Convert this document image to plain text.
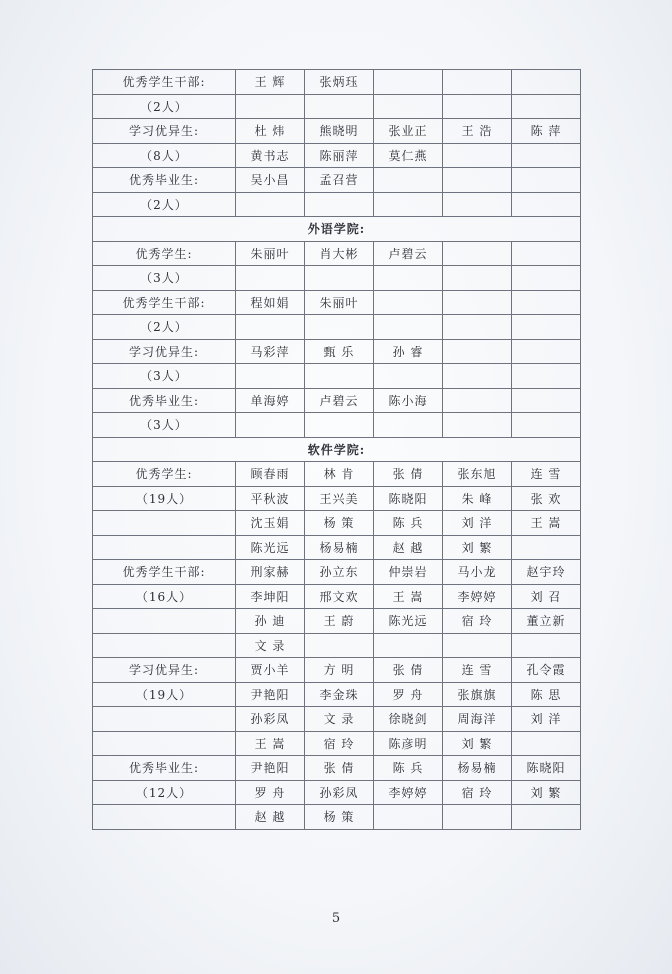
优秀学生干部:	王 辉	张炳珏			
（2人）					
学习优异生:	杜 炜	熊晓明	张业正	王 浩	陈 萍
（8人）	黄书志	陈丽萍	莫仁燕		
优秀毕业生:	吴小昌	孟召营			
（2人）					
外语学院:					
优秀学生:	朱丽叶	肖大彬	卢碧云		
（3人）					
优秀学生干部:	程如娟	朱丽叶			
（2人）					
学习优异生:	马彩萍	甄 乐	孙 睿		
（3人）					
优秀毕业生:	单海婷	卢碧云	陈小海		
（3人）					
软件学院:					
优秀学生:	顾春雨	林 肯	张 倩	张东旭	连 雪
（19人）	平秋波	王兴美	陈晓阳	朱 峰	张 欢
	沈玉娟	杨 策	陈 兵	刘 洋	王 嵩
	陈光远	杨易楠	赵 越	刘 繁	
优秀学生干部:	刑家赫	孙立东	仲崇岩	马小龙	赵宇玲
（16人）	李坤阳	邢文欢	王 嵩	李婷婷	刘 召
	孙 迪	王 蔚	陈光远	宿 玲	董立新
	文 录				
学习优异生:	贾小羊	方 明	张 倩	连 雪	孔令霞
（19人）	尹艳阳	李金珠	罗 舟	张旗旗	陈 思
	孙彩凤	文 录	徐晓剑	周海洋	刘 洋
	王 嵩	宿 玲	陈彦明	刘 繁	
优秀毕业生:	尹艳阳	张 倩	陈 兵	杨易楠	陈晓阳
（12人）	罗 舟	孙彩凤	李婷婷	宿 玲	刘 繁
	赵 越	杨 策			
5
